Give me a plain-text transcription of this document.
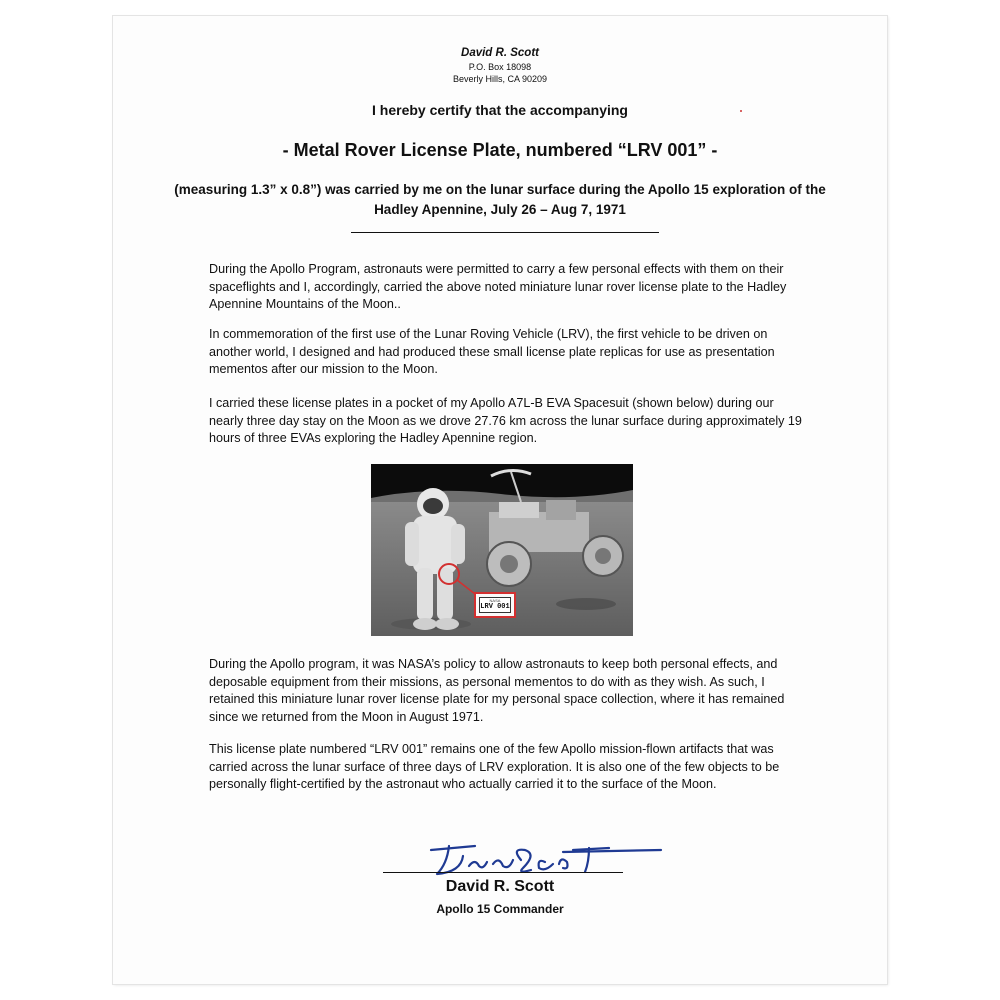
David R. Scott
P.O. Box 18098
Beverly Hills, CA 90209
I hereby certify that the accompanying
- Metal Rover License Plate, numbered “LRV 001” -
(measuring 1.3” x 0.8”) was carried by me on the lunar surface during the Apollo 15 exploration of the Hadley Apennine, July 26 – Aug 7, 1971

During the Apollo Program, astronauts were permitted to carry a few personal effects with them on their spaceflights and I, accordingly, carried the above noted miniature lunar rover license plate to the Hadley Apennine Mountains of the Moon..

In commemoration of the first use of the Lunar Roving Vehicle (LRV), the first vehicle to be driven on another world, I designed and had produced these small license plate replicas for use as presentation mementos after our mission to the Moon.

I carried these license plates in a pocket of my Apollo A7L-B EVA Spacesuit (shown below) during our nearly three day stay on the Moon as we drove 27.76 km across the lunar surface during approximately 19 hours of three EVAs exploring the Hadley Apennine region.

NASA
LRV 001

During the Apollo program, it was NASA’s policy to allow astronauts to keep both personal effects, and deposable equipment from their missions, as personal mementos to do with as they wish. As such, I retained this miniature lunar rover license plate for my personal space collection, where it has remained since we returned from the Moon in August 1971.

This license plate numbered “LRV 001” remains one of the few Apollo mission-flown artifacts that was carried across the lunar surface of three days of LRV exploration. It is also one of the few objects to be personally flight-certified by the astronaut who actually carried it to the surface of the Moon.

David R. Scott
Apollo 15 Commander
